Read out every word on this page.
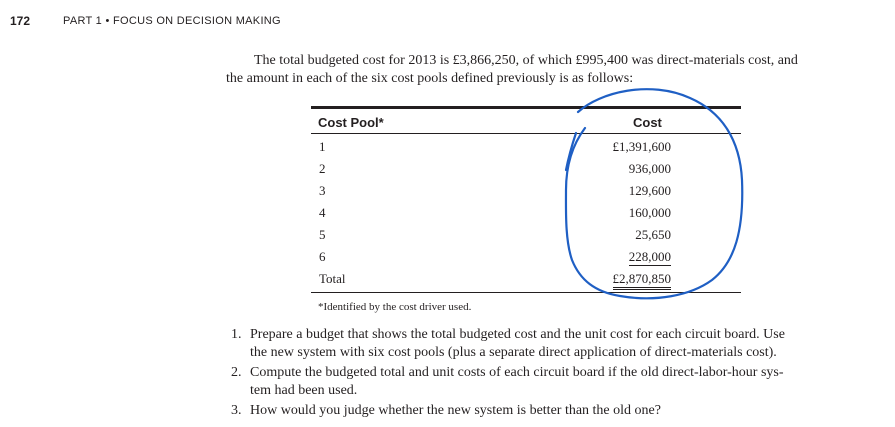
172	PART 1 • FOCUS ON DECISION MAKING
The total budgeted cost for 2013 is £3,866,250, of which £995,400 was direct-materials cost, and
the amount in each of the six cost pools defined previously is as follows:
Cost Pool*	Cost
1	£1,391,600
2	936,000
3	129,600
4	160,000
5	25,650
6	228,000
Total	£2,870,850
*Identified by the cost driver used.
1. Prepare a budget that shows the total budgeted cost and the unit cost for each circuit board. Use
the new system with six cost pools (plus a separate direct application of direct-materials cost).
2. Compute the budgeted total and unit costs of each circuit board if the old direct-labor-hour sys-
tem had been used.
3. How would you judge whether the new system is better than the old one?
